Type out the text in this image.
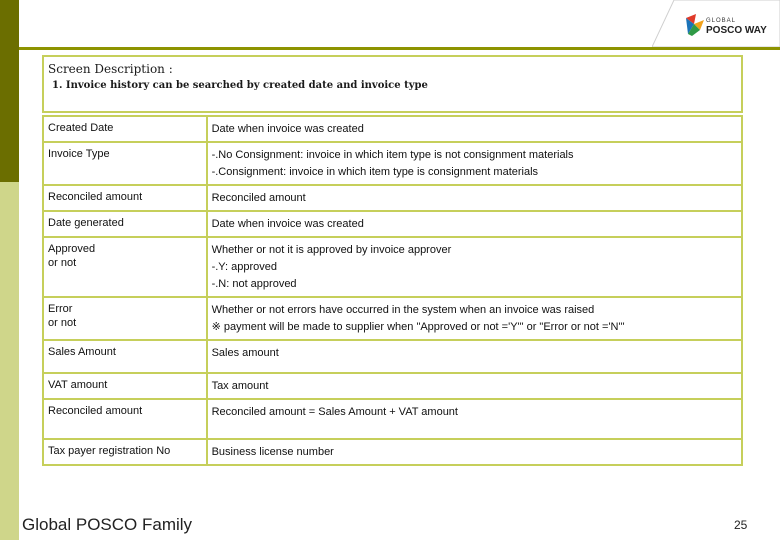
GLOBAL
POSCO WAY
Screen Description :
1. Invoice history can be searched by created date and invoice type
Created Date	Date when invoice was created

Invoice Type	-.No Consignment: invoice in which item type is not consignment materials
-.Consignment: invoice in which item type is consignment materials

Reconciled amount	Reconciled amount

Date generated	Date when invoice was created

Approved
or not	Whether or not it is approved by invoice approver
-.Y: approved
-.N: not approved

Error
or not	Whether or not errors have occurred in the system when an invoice was raised
※ payment will be made to supplier when "Approved or not ='Y'" or "Error or not ='N'"

Sales Amount	Sales amount

VAT amount	Tax amount

Reconciled amount	Reconciled amount = Sales Amount + VAT amount

Tax payer registration No	Business license number
Global POSCO Family	25
